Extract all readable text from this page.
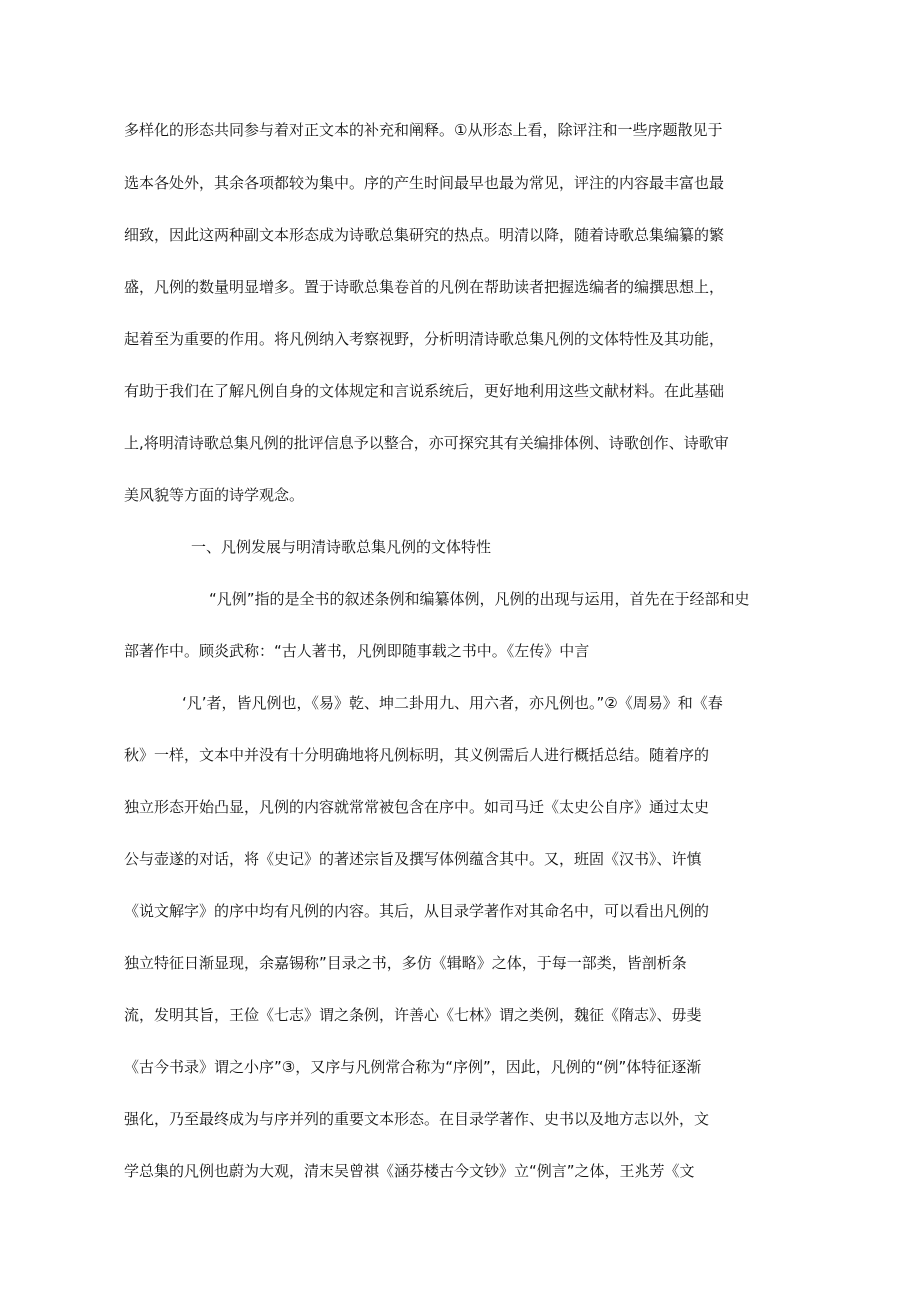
多样化的形态共同参与着对正文本的补充和阐释。①从形态上看，除评注和一些序题散见于
选本各处外，其余各项都较为集中。序的产生时间最早也最为常见，评注的内容最丰富也最
细致，因此这两种副文本形态成为诗歌总集研究的热点。明清以降，随着诗歌总集编纂的繁
盛，凡例的数量明显增多。置于诗歌总集卷首的凡例在帮助读者把握选编者的编撰思想上，
起着至为重要的作用。将凡例纳入考察视野，分析明清诗歌总集凡例的文体特性及其功能，
有助于我们在了解凡例自身的文体规定和言说系统后，更好地利用这些文献材料。在此基础
上,将明清诗歌总集凡例的批评信息予以整合，亦可探究其有关编排体例、诗歌创作、诗歌审
美风貌等方面的诗学观念。
一、凡例发展与明清诗歌总集凡例的文体特性
“凡例”指的是全书的叙述条例和编纂体例，凡例的出现与运用，首先在于经部和史
部著作中。顾炎武称：“古人著书，凡例即随事载之书中。《左传》中言
‘凡’者，皆凡例也，《易》乾、坤二卦用九、用六者，亦凡例也。”②《周易》和《春
秋》一样，文本中并没有十分明确地将凡例标明，其义例需后人进行概括总结。随着序的
独立形态开始凸显，凡例的内容就常常被包含在序中。如司马迁《太史公自序》通过太史
公与壶遂的对话，将《史记》的著述宗旨及撰写体例蕴含其中。又，班固《汉书》、许慎
《说文解字》的序中均有凡例的内容。其后，从目录学著作对其命名中，可以看出凡例的
独立特征日渐显现，余嘉锡称”目录之书，多仿《辑略》之体，于每一部类，皆剖析条
流，发明其旨，王俭《七志》谓之条例，许善心《七林》谓之类例，魏征《隋志》、毋斐
《古今书录》谓之小序”③，又序与凡例常合称为“序例”，因此，凡例的“例”体特征逐渐
强化，乃至最终成为与序并列的重要文本形态。在目录学著作、史书以及地方志以外，文
学总集的凡例也蔚为大观，清末吴曾祺《涵芬楼古今文钞》立“例言”之体，王兆芳《文
